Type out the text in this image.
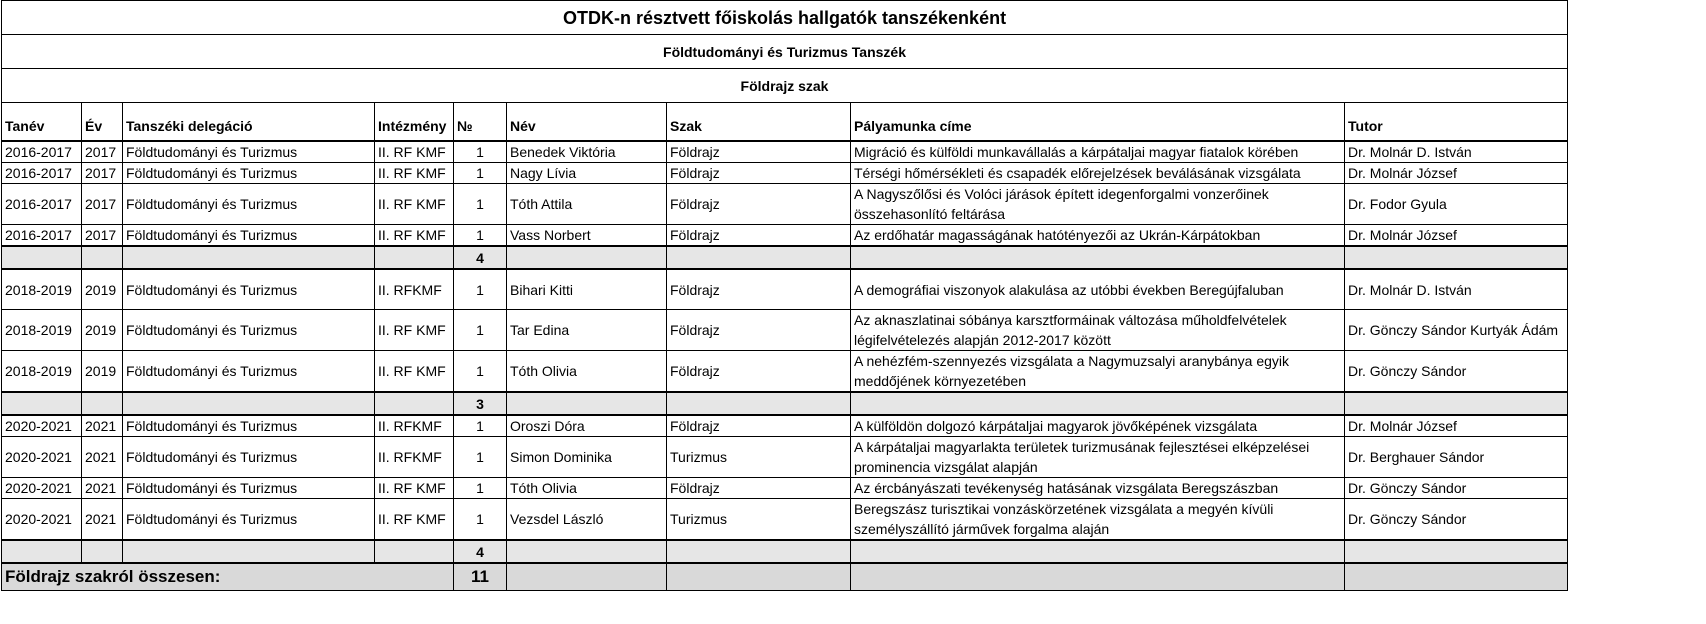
OTDK-n résztvett főiskolás hallgatók tanszékenként								
Földtudományi és Turizmus Tanszék								
Földrajz szak								
Tanév	Év	Tanszéki delegáció	Intézmény	№	Név	Szak	Pályamunka címe	Tutor
2016-2017	2017	Földtudományi és Turizmus	II. RF KMF	1	Benedek Viktória	Földrajz	Migráció és külföldi munkavállalás a kárpátaljai magyar fiatalok körében	Dr. Molnár D. István
2016-2017	2017	Földtudományi és Turizmus	II. RF KMF	1	Nagy Lívia	Földrajz	Térségi hőmérsékleti és csapadék előrejelzések beválásának vizsgálata	Dr. Molnár József
2016-2017	2017	Földtudományi és Turizmus	II. RF KMF	1	Tóth Attila	Földrajz	A Nagyszőlősi és Volóci járások épített idegenforgalmi vonzerőinek összehasonlító feltárása	Dr. Fodor Gyula
2016-2017	2017	Földtudományi és Turizmus	II. RF KMF	1	Vass Norbert	Földrajz	Az erdőhatár magasságának hatótényezői az Ukrán-Kárpátokban	Dr. Molnár József
				4				
2018-2019	2019	Földtudományi és Turizmus	II. RFKMF	1	Bihari Kitti	Földrajz	A demográfiai viszonyok alakulása az utóbbi években Beregújfaluban	Dr. Molnár D. István
2018-2019	2019	Földtudományi és Turizmus	II. RF KMF	1	Tar Edina	Földrajz	Az aknaszlatinai sóbánya karsztformáinak változása műholdfelvételek légifelvételezés alapján 2012-2017 között	Dr. Gönczy Sándor Kurtyák Ádám
2018-2019	2019	Földtudományi és Turizmus	II. RF KMF	1	Tóth Olivia	Földrajz	A nehézfém-szennyezés vizsgálata a Nagymuzsalyi aranybánya egyik meddőjének környezetében	Dr. Gönczy Sándor
				3				
2020-2021	2021	Földtudományi és Turizmus	II. RFKMF	1	Oroszi Dóra	Földrajz	A külföldön dolgozó kárpátaljai magyarok jövőképének vizsgálata	Dr. Molnár József
2020-2021	2021	Földtudományi és Turizmus	II. RFKMF	1	Simon Dominika	Turizmus	A kárpátaljai magyarlakta területek turizmusának fejlesztései elképzelései prominencia vizsgálat alapján	Dr. Berghauer Sándor
2020-2021	2021	Földtudományi és Turizmus	II. RF KMF	1	Tóth Olivia	Földrajz	Az ércbányászati tevékenység hatásának vizsgálata Beregszászban	Dr. Gönczy Sándor
2020-2021	2021	Földtudományi és Turizmus	II. RF KMF	1	Vezsdel László	Turizmus	Beregszász turisztikai vonzáskörzetének vizsgálata a megyén kívüli személyszállító járművek forgalma alaján	Dr. Gönczy Sándor
				4				
Földrajz szakról összesen:				11				
